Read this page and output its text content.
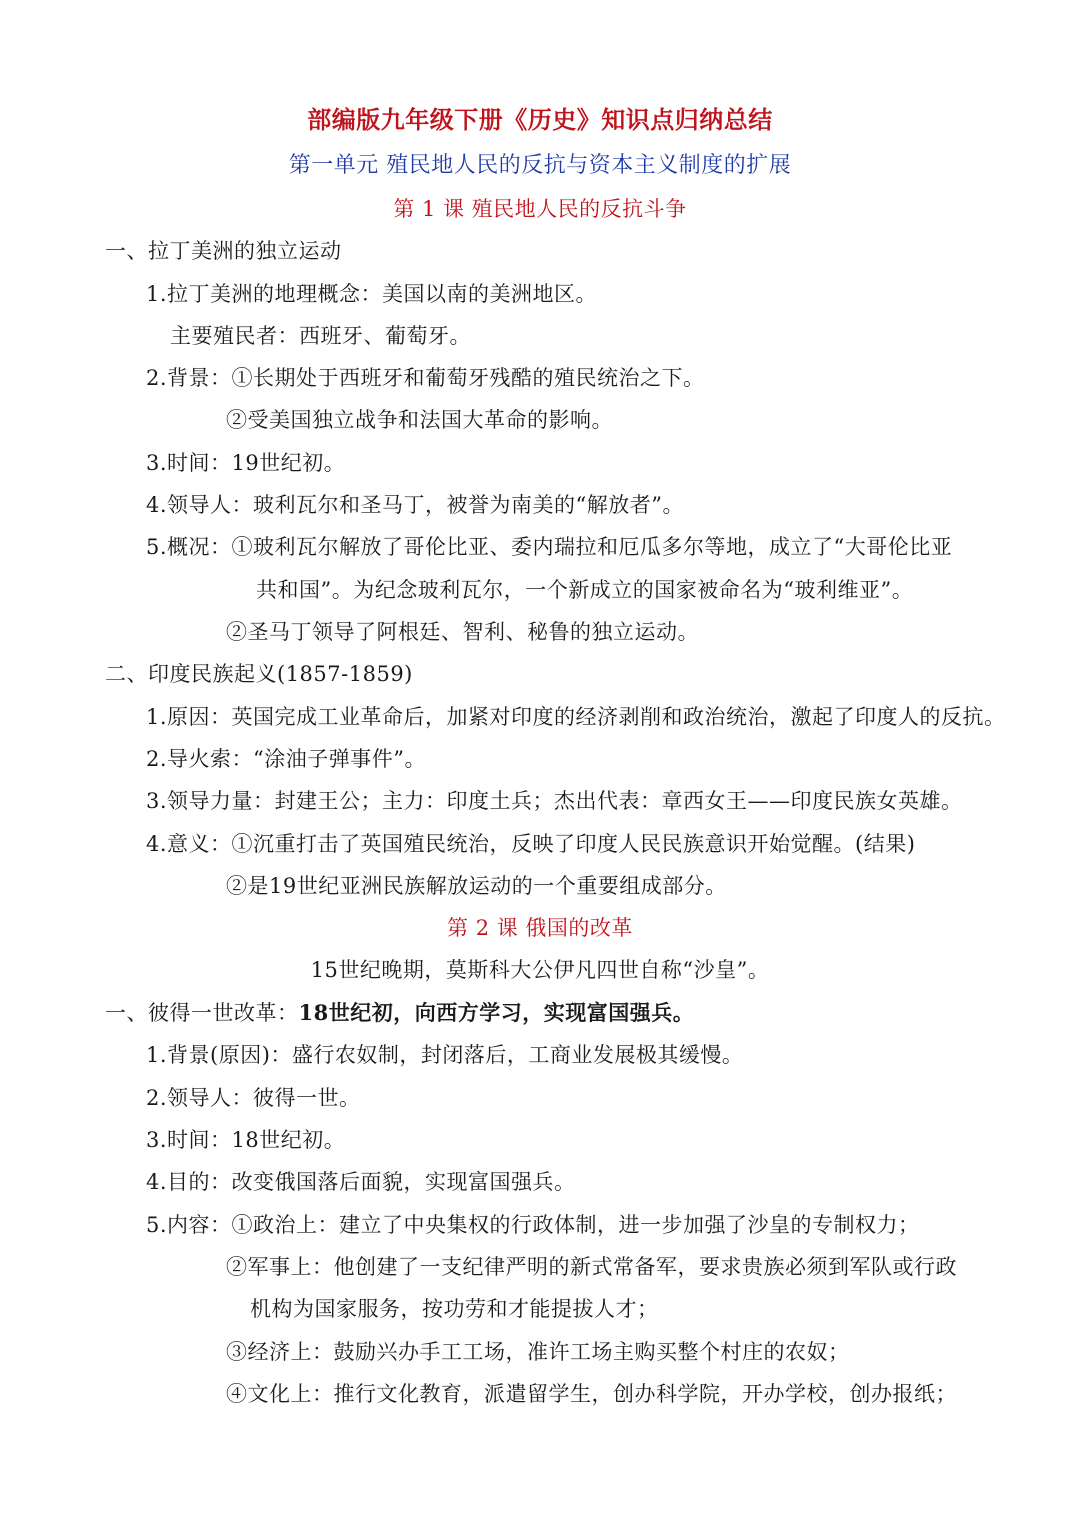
部编版九年级下册《历史》知识点归纳总结
第一单元 殖民地人民的反抗与资本主义制度的扩展
第 1 课 殖民地人民的反抗斗争
一、拉丁美洲的独立运动
1.拉丁美洲的地理概念：美国以南的美洲地区。
主要殖民者：西班牙、葡萄牙。
2.背景：①长期处于西班牙和葡萄牙残酷的殖民统治之下。
②受美国独立战争和法国大革命的影响。
3.时间：19世纪初。
4.领导人：玻利瓦尔和圣马丁，被誉为南美的“解放者”。
5.概况：①玻利瓦尔解放了哥伦比亚、委内瑞拉和厄瓜多尔等地，成立了“大哥伦比亚
共和国”。为纪念玻利瓦尔，一个新成立的国家被命名为“玻利维亚”。
②圣马丁领导了阿根廷、智利、秘鲁的独立运动。
二、印度民族起义(1857-1859)
1.原因：英国完成工业革命后，加紧对印度的经济剥削和政治统治，激起了印度人的反抗。
2.导火索：“涂油子弹事件”。
3.领导力量：封建王公；主力：印度土兵；杰出代表：章西女王——印度民族女英雄。
4.意义：①沉重打击了英国殖民统治，反映了印度人民民族意识开始觉醒。(结果)
②是19世纪亚洲民族解放运动的一个重要组成部分。
第 2 课 俄国的改革
15世纪晚期，莫斯科大公伊凡四世自称“沙皇”。
一、彼得一世改革：18世纪初，向西方学习，实现富国强兵。
1.背景(原因)：盛行农奴制，封闭落后，工商业发展极其缓慢。
2.领导人：彼得一世。
3.时间：18世纪初。
4.目的：改变俄国落后面貌，实现富国强兵。
5.内容：①政治上：建立了中央集权的行政体制，进一步加强了沙皇的专制权力；
②军事上：他创建了一支纪律严明的新式常备军，要求贵族必须到军队或行政
机构为国家服务，按功劳和才能提拔人才；
③经济上：鼓励兴办手工工场，准许工场主购买整个村庄的农奴；
④文化上：推行文化教育，派遣留学生，创办科学院，开办学校，创办报纸；
